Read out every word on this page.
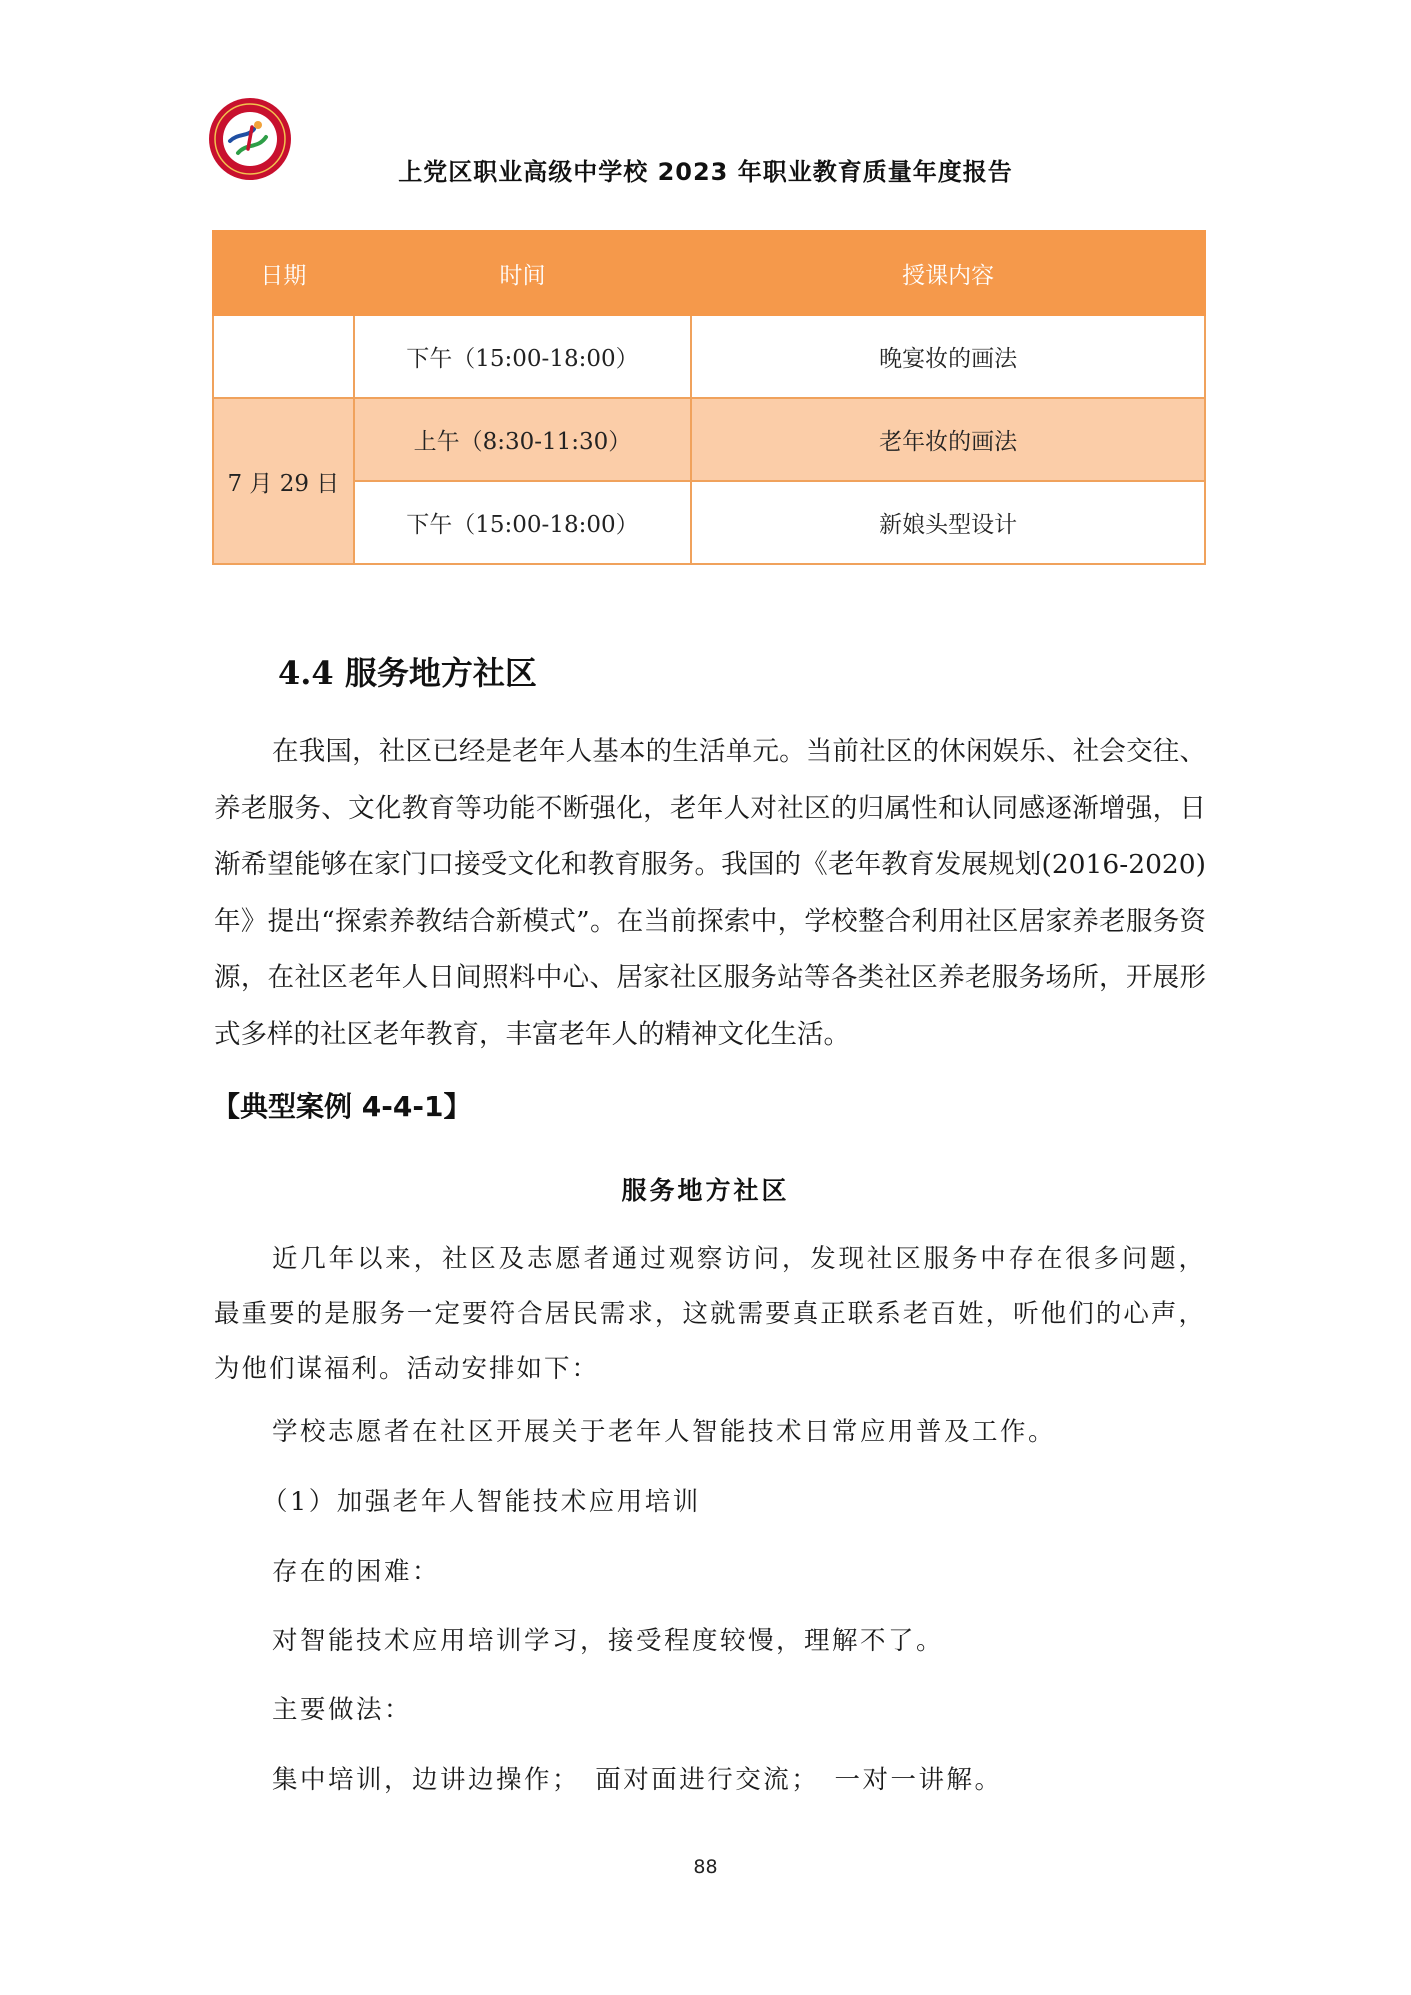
上党区职业高级中学校 2023 年职业教育质量年度报告
日期	时间	授课内容
	下午（15:00-18:00）	晚宴妆的画法
7 月 29 日	上午（8:30-11:30）	老年妆的画法
	下午（15:00-18:00）	新娘头型设计
4.4 服务地方社区

在我国，社区已经是老年人基本的生活单元。当前社区的休闲娱乐、社会交往、养老服务、文化教育等功能不断强化，老年人对社区的归属性和认同感逐渐增强，日渐希望能够在家门口接受文化和教育服务。我国的《老年教育发展规划(2016-2020)年》提出“探索养教结合新模式”。在当前探索中，学校整合利用社区居家养老服务资源，在社区老年人日间照料中心、居家社区服务站等各类社区养老服务场所，开展形式多样的社区老年教育，丰富老年人的精神文化生活。

【典型案例 4-4-1】
服务地方社区

近几年以来，社区及志愿者通过观察访问，发现社区服务中存在很多问题，最重要的是服务一定要符合居民需求，这就需要真正联系老百姓，听他们的心声，为他们谋福利。活动安排如下：

学校志愿者在社区开展关于老年人智能技术日常应用普及工作。
（1）加强老年人智能技术应用培训
存在的困难：
对智能技术应用培训学习，接受程度较慢，理解不了。
主要做法：
集中培训，边讲边操作；　面对面进行交流；　一对一讲解。
88
